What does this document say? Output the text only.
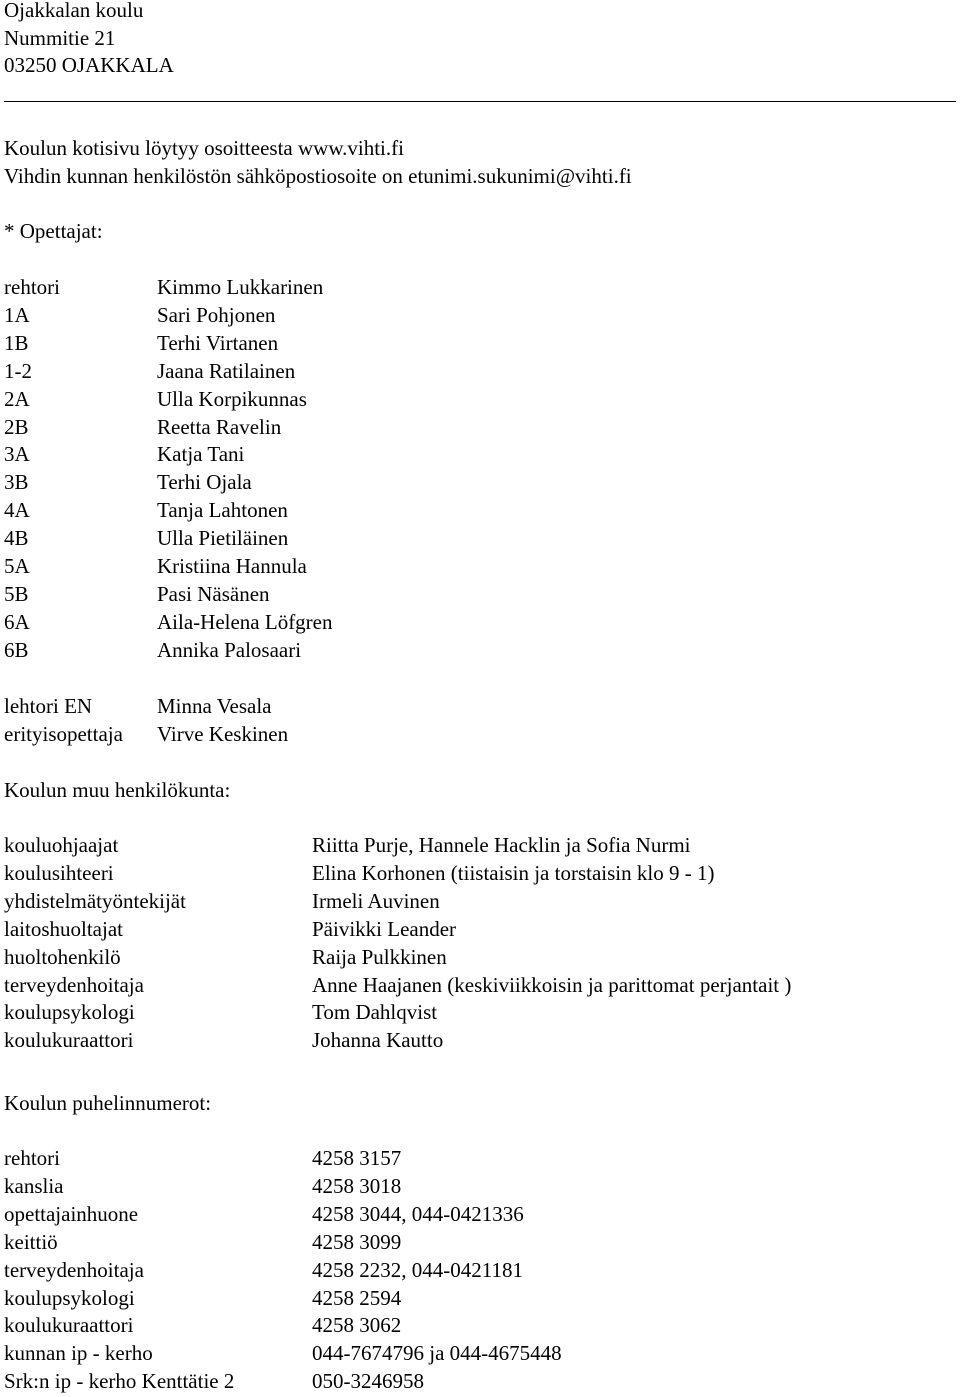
Ojakkalan koulu
Nummitie 21
03250 OJAKKALA
Koulun kotisivu löytyy osoitteesta www.vihti.fi
Vihdin kunnan henkilöstön sähköpostiosoite on etunimi.sukunimi@vihti.fi
* Opettajat:
rehtori	Kimmo Lukkarinen
1A	Sari Pohjonen
1B	Terhi Virtanen
1-2	Jaana Ratilainen
2A	Ulla Korpikunnas
2B	Reetta Ravelin
3A	Katja Tani
3B	Terhi Ojala
4A	Tanja Lahtonen
4B	Ulla Pietiläinen
5A	Kristiina Hannula
5B	Pasi Näsänen
6A	Aila-Helena Löfgren
6B	Annika Palosaari
lehtori EN	Minna Vesala
erityisopettaja Virve Keskinen
Koulun muu henkilökunta:
kouluohjaajat	Riitta Purje, Hannele Hacklin ja Sofia Nurmi
koulusihteeri	Elina Korhonen (tiistaisin ja torstaisin klo 9 - 1)
yhdistelmätyöntekijät	Irmeli Auvinen
laitoshuoltajat	Päivikki Leander
huoltohenkilö	Raija Pulkkinen
terveydenhoitaja	Anne Haajanen (keskiviikkoisin ja parittomat perjantait )
koulupsykologi	Tom Dahlqvist
koulukuraattori	Johanna Kautto
Koulun puhelinnumerot:
rehtori	4258 3157
kanslia	4258 3018
opettajainhuone	4258 3044, 044-0421336
keittiö	4258 3099
terveydenhoitaja	4258 2232, 044-0421181
koulupsykologi	4258 2594
koulukuraattori	4258 3062
kunnan ip - kerho	044-7674796 ja 044-4675448
Srk:n ip - kerho Kenttätie 2	050-3246958
